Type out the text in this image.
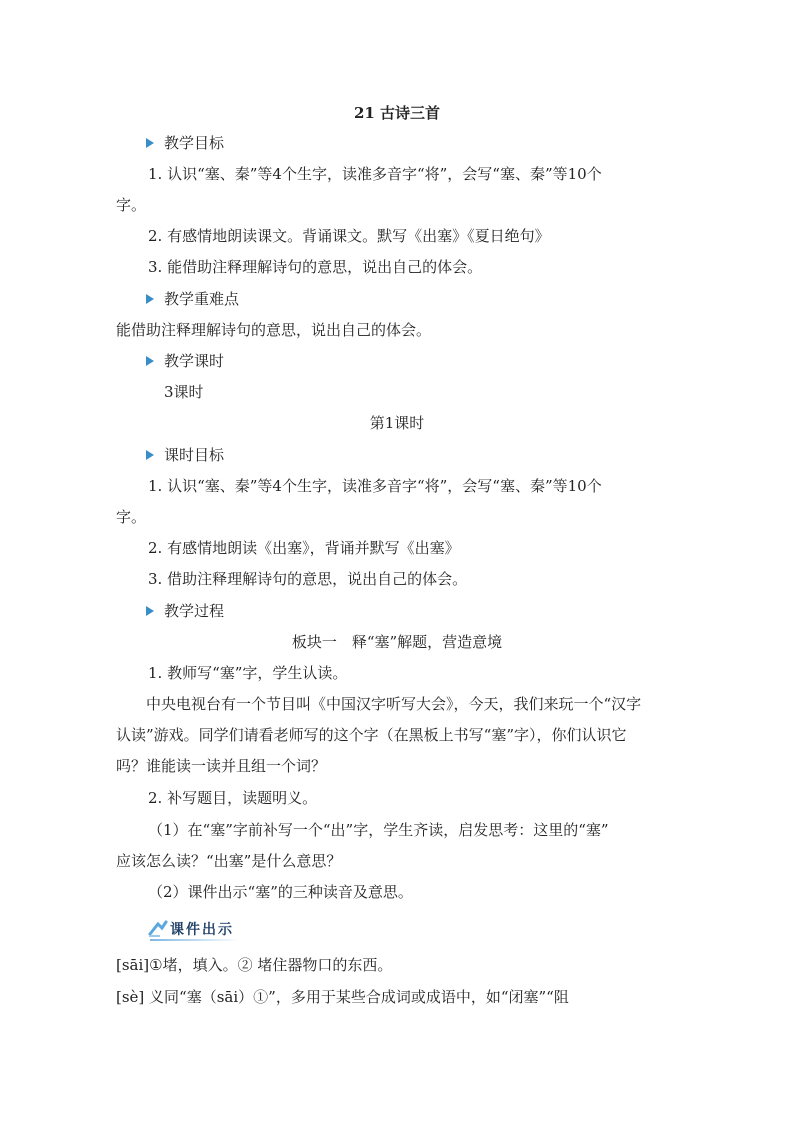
21 古诗三首
教学目标
1. 认识“塞、秦”等4个生字，读准多音字“将”，会写“塞、秦”等10个
字。
2. 有感情地朗读课文。背诵课文。默写《出塞》《夏日绝句》
3. 能借助注释理解诗句的意思，说出自己的体会。
教学重难点
能借助注释理解诗句的意思，说出自己的体会。
教学课时
3课时
第1课时
课时目标
1. 认识“塞、秦”等4个生字，读准多音字“将”，会写“塞、秦”等10个
字。
2. 有感情地朗读《出塞》，背诵并默写《出塞》
3. 借助注释理解诗句的意思，说出自己的体会。
教学过程
板块一　释“塞”解题，营造意境
1. 教师写“塞”字，学生认读。
中央电视台有一个节目叫《中国汉字听写大会》，今天，我们来玩一个“汉字
认读”游戏。同学们请看老师写的这个字（在黑板上书写“塞”字），你们认识它
吗？谁能读一读并且组一个词？
2. 补写题目，读题明义。
（1）在“塞”字前补写一个“出”字，学生齐读，启发思考：这里的“塞”
应该怎么读？“出塞”是什么意思？
（2）课件出示“塞”的三种读音及意思。
课件出示
[sāi]①堵，填入。② 堵住器物口的东西。
[sè] 义同“塞（sāi）①”，多用于某些合成词或成语中，如“闭塞”“阻
